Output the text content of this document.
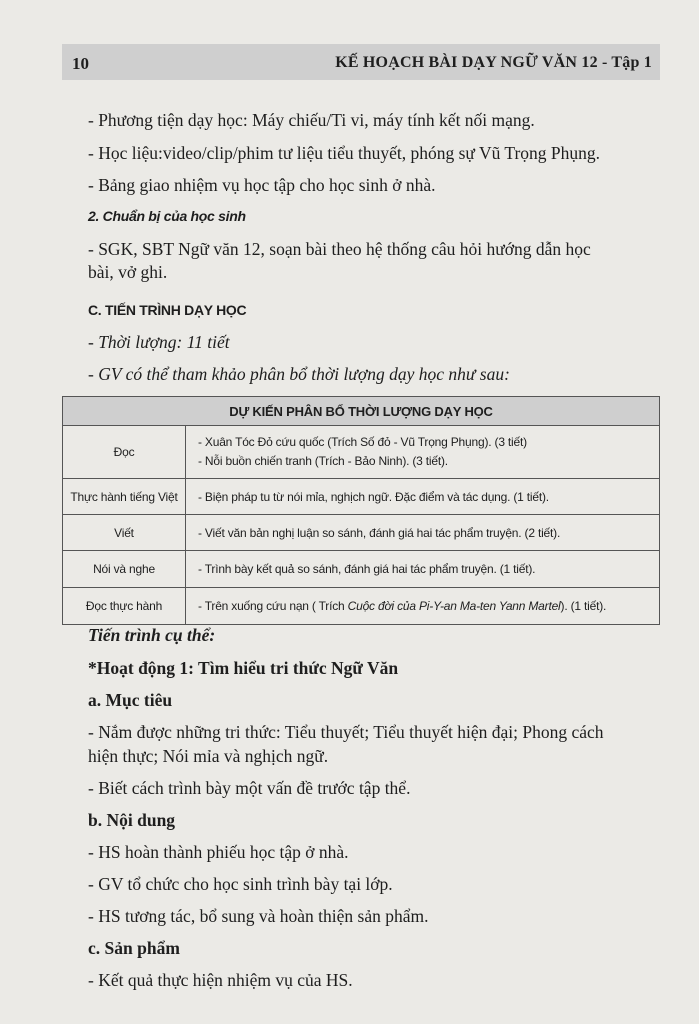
10	KẾ HOẠCH BÀI DẠY NGỮ VĂN 12 - Tập 1
- Phương tiện dạy học: Máy chiếu/Ti vi, máy tính kết nối mạng.
- Học liệu:video/clip/phim tư liệu tiểu thuyết, phóng sự Vũ Trọng Phụng.
- Bảng giao nhiệm vụ học tập cho học sinh ở nhà.
2. Chuẩn bị của học sinh
- SGK, SBT Ngữ văn 12, soạn bài theo hệ thống câu hỏi hướng dẫn học
bài, vở ghi.
C. TIẾN TRÌNH DẠY HỌC
- Thời lượng: 11 tiết
- GV có thể tham khảo phân bổ thời lượng dạy học như sau:
DỰ KIẾN PHÂN BỔ THỜI LƯỢNG DẠY HỌC	
Đọc	- Xuân Tóc Đỏ cứu quốc (Trích Số đỏ - Vũ Trọng Phụng). (3 tiết)
- Nỗi buồn chiến tranh (Trích - Bảo Ninh). (3 tiết).

Thực hành tiếng Việt	- Biện pháp tu từ nói mỉa, nghịch ngữ. Đặc điểm và tác dụng. (1 tiết).
Viết	- Viết văn bản nghị luận so sánh, đánh giá hai tác phẩm truyện. (2 tiết).
Nói và nghe	- Trình bày kết quả so sánh, đánh giá hai tác phẩm truyện. (1 tiết).
Đọc thực hành	- Trên xuống cứu nạn ( Trích Cuộc đời của Pi-Y-an Ma-ten Yann Martel). (1 tiết).
Tiến trình cụ thể:
*Hoạt động 1: Tìm hiểu tri thức Ngữ Văn
a. Mục tiêu
- Nắm được những tri thức: Tiểu thuyết; Tiểu thuyết hiện đại; Phong cách
hiện thực; Nói mỉa và nghịch ngữ.
- Biết cách trình bày một vấn đề trước tập thể.
b. Nội dung
- HS hoàn thành phiếu học tập ở nhà.
- GV tổ chức cho học sinh trình bày tại lớp.
- HS tương tác, bổ sung và hoàn thiện sản phẩm.
c. Sản phẩm
- Kết quả thực hiện nhiệm vụ của HS.
